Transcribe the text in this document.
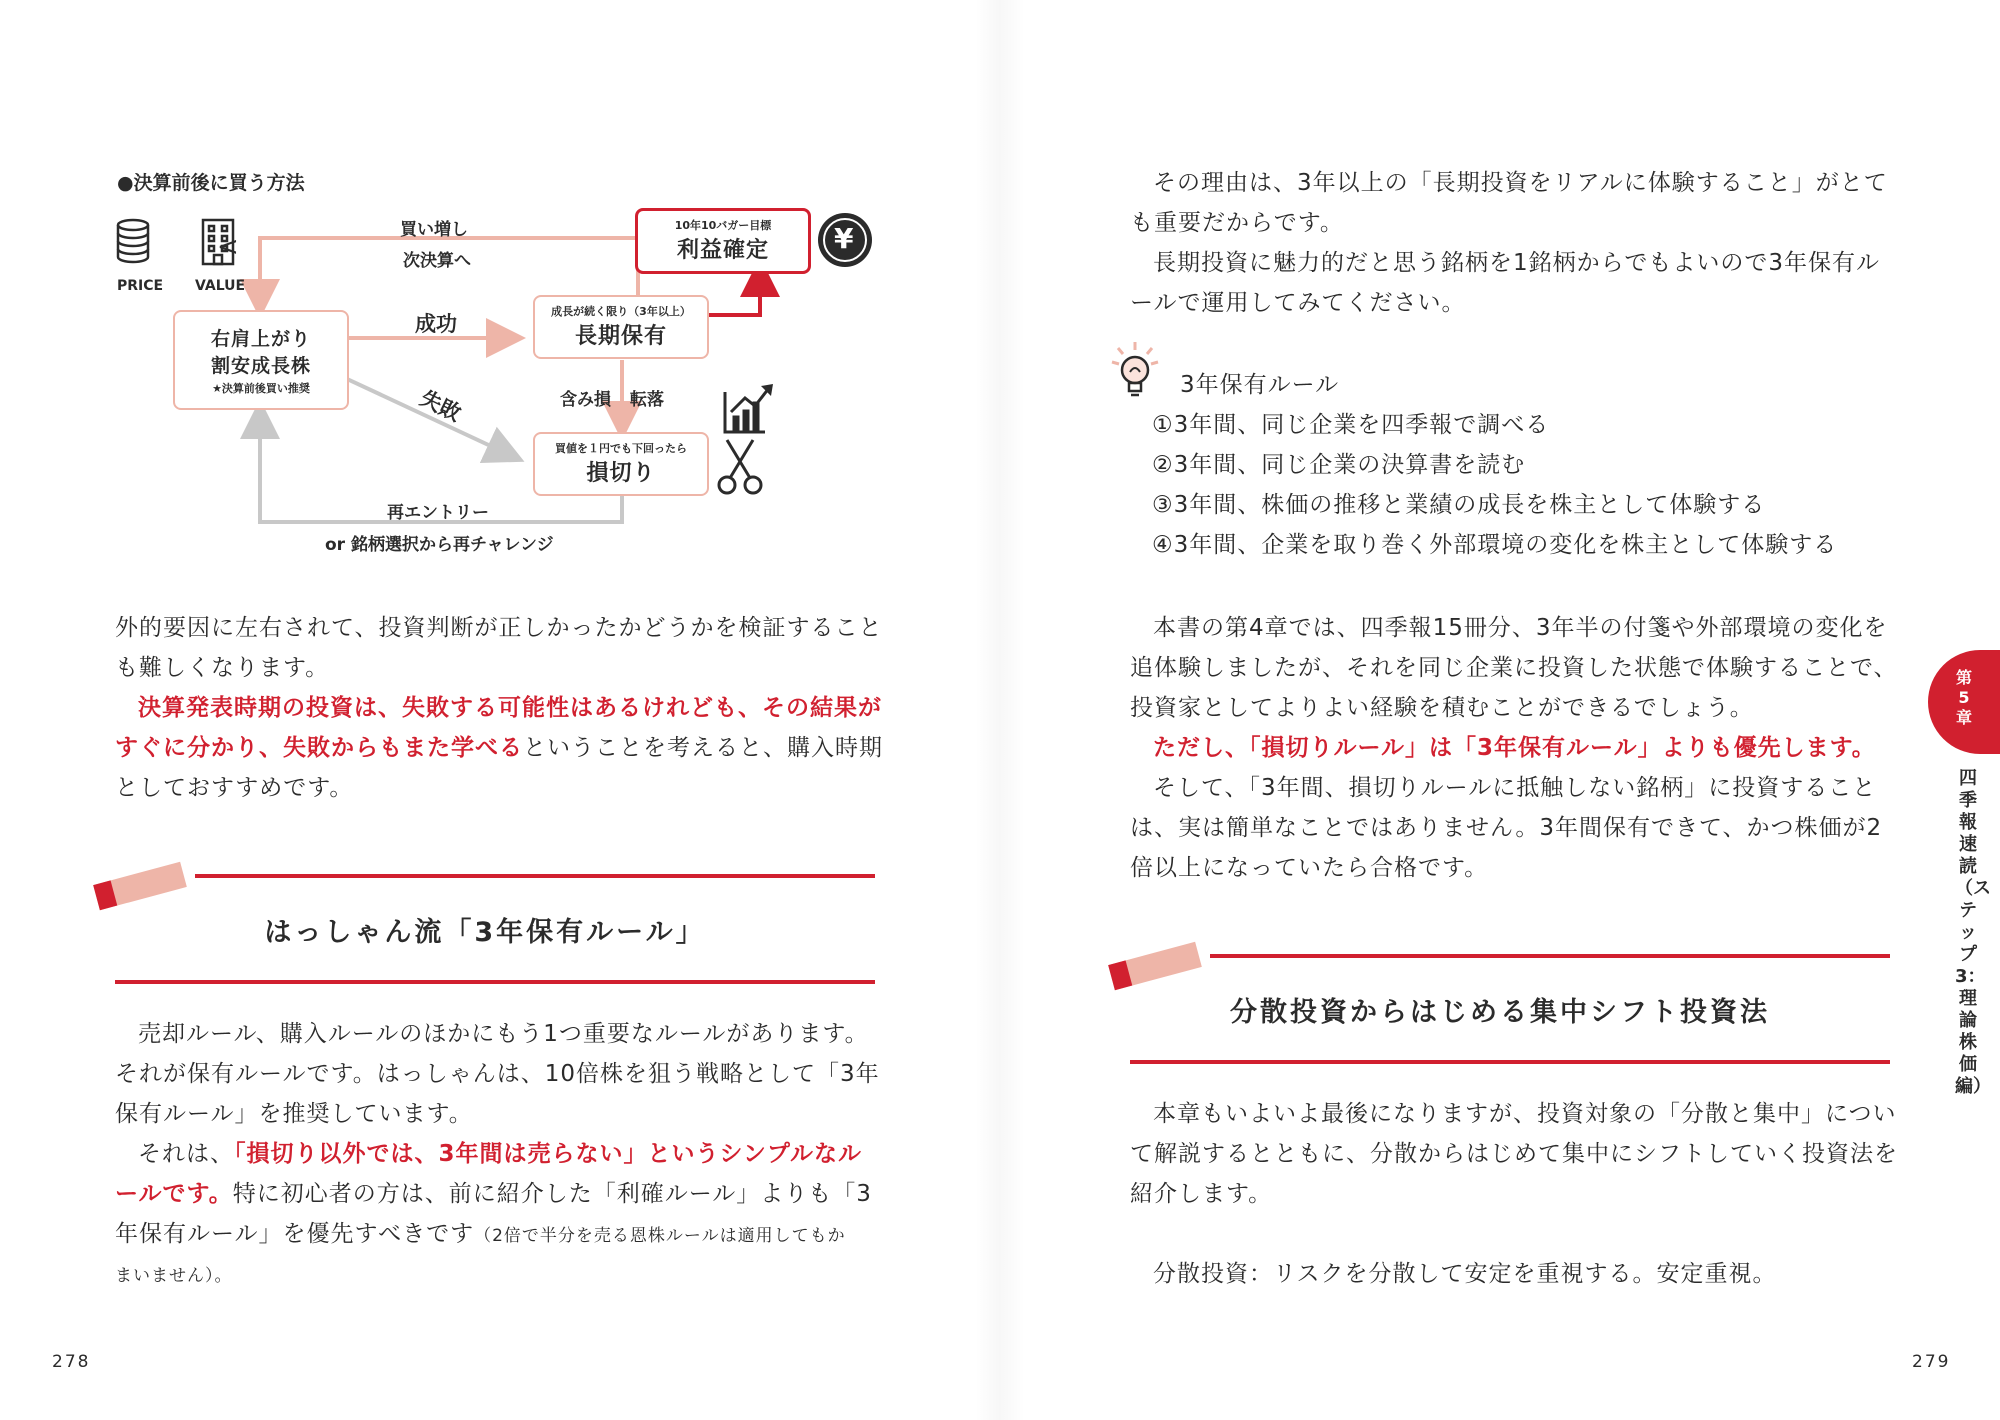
●決算前後に買う方法
<
PRICE VALUE
買い増し
次決算へ
成功
失敗	含み損 転落
再エントリー
or 銘柄選択から再チャレンジ
¥
右肩上がり
割安成長株
★決算前後買い推奨
成長が続く限り（3年以上）
長期保有
10年10バガー目標
利益確定
買値を１円でも下回ったら
損切り
外的要因に左右されて、投資判断が正しかったかどうかを検証すること
も難しくなります。
決算発表時期の投資は、失敗する可能性はあるけれども、その結果が
すぐに分かり、失敗からもまた学べるということを考えると、購入時期
としておすすめです。
はっしゃん流「3年保有ルール」
売却ルール、購入ルールのほかにもう1つ重要なルールがあります。
それが保有ルールです。はっしゃんは、10倍株を狙う戦略として「3年
保有ルール」を推奨しています。
それは、「損切り以外では、3年間は売らない」というシンプルなル
ールです。特に初心者の方は、前に紹介した「利確ルール」よりも「3
年保有ルール」を優先すべきです（2倍で半分を売る恩株ルールは適用してもか
まいません）。
278
その理由は、3年以上の「長期投資をリアルに体験すること」がとて
も重要だからです。
長期投資に魅力的だと思う銘柄を1銘柄からでもよいので3年保有ル
ールで運用してみてください。
3年保有ルール
①3年間、同じ企業を四季報で調べる
②3年間、同じ企業の決算書を読む
③3年間、株価の推移と業績の成長を株主として体験する
④3年間、企業を取り巻く外部環境の変化を株主として体験する
本書の第4章では、四季報15冊分、3年半の付箋や外部環境の変化を
追体験しましたが、それを同じ企業に投資した状態で体験することで、
投資家としてよりよい経験を積むことができるでしょう。
ただし、「損切りルール」は「3年保有ルール」よりも優先します。
そして、「3年間、損切りルールに抵触しない銘柄」に投資すること
は、実は簡単なことではありません。3年間保有できて、かつ株価が2
倍以上になっていたら合格です。
分散投資からはじめる集中シフト投資法
本章もいよいよ最後になりますが、投資対象の「分散と集中」につい
て解説するとともに、分散からはじめて集中にシフトしていく投資法を
紹介します。
分散投資：リスクを分散して安定を重視する。安定重視。
279
第
5
章
四季報速読（ステップ3：理論株価編）
